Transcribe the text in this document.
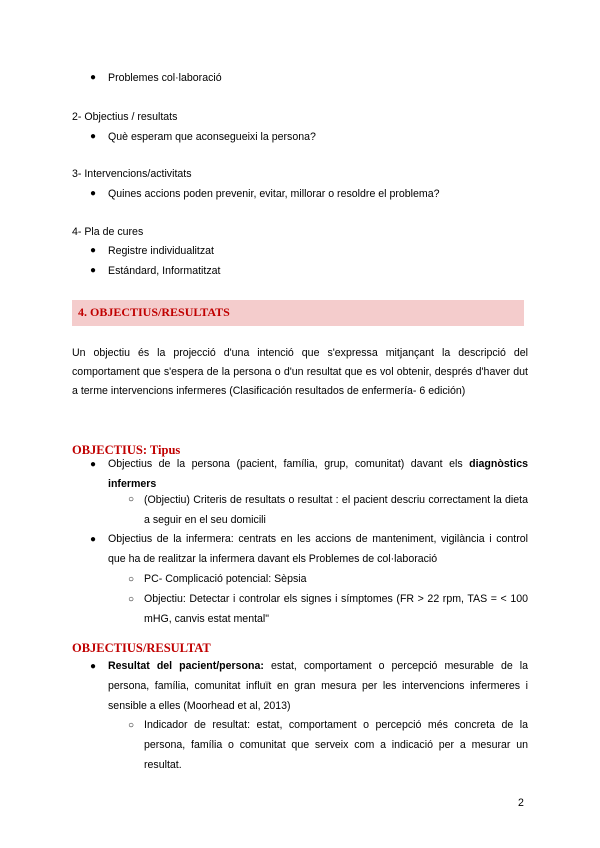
● Problemes col·laboració
2- Objectius / resultats
● Què esperam que aconsegueixi la persona?
3- Intervencions/activitats
● Quines accions poden prevenir, evitar, millorar o resoldre el problema?
4- Pla de cures
● Registre individualitzat
● Estándard, Informatitzat
4. OBJECTIUS/RESULTATS
Un objectiu és la projecció d'una intenció que s'expressa mitjançant la descripció del comportament que s'espera de la persona o d'un resultat que es vol obtenir, després d'haver dut a terme intervencions infermeres (Clasificación resultados de enfermería- 6 edición)
OBJECTIUS: Tipus
● Objectius de la persona (pacient, família, grup, comunitat) davant els diagnòstics infermers
○ (Objectiu) Criteris de resultats o resultat : el pacient descriu correctament la dieta a seguir en el seu domicili
● Objectius de la infermera: centrats en les accions de manteniment, vigilància i control que ha de realitzar la infermera davant els Problemes de col·laboració
○ PC- Complicació potencial: Sèpsia
○ Objectiu: Detectar i controlar els signes i símptomes (FR > 22 rpm, TAS = < 100 mHG, canvis estat mental"
OBJECTIUS/RESULTAT
● Resultat del pacient/persona: estat, comportament o percepció mesurable de la persona, família, comunitat influït en gran mesura per les intervencions infermeres i sensible a elles (Moorhead et al, 2013)
○ Indicador de resultat: estat, comportament o percepció més concreta de la persona, família o comunitat que serveix com a indicació per a mesurar un resultat.
2
